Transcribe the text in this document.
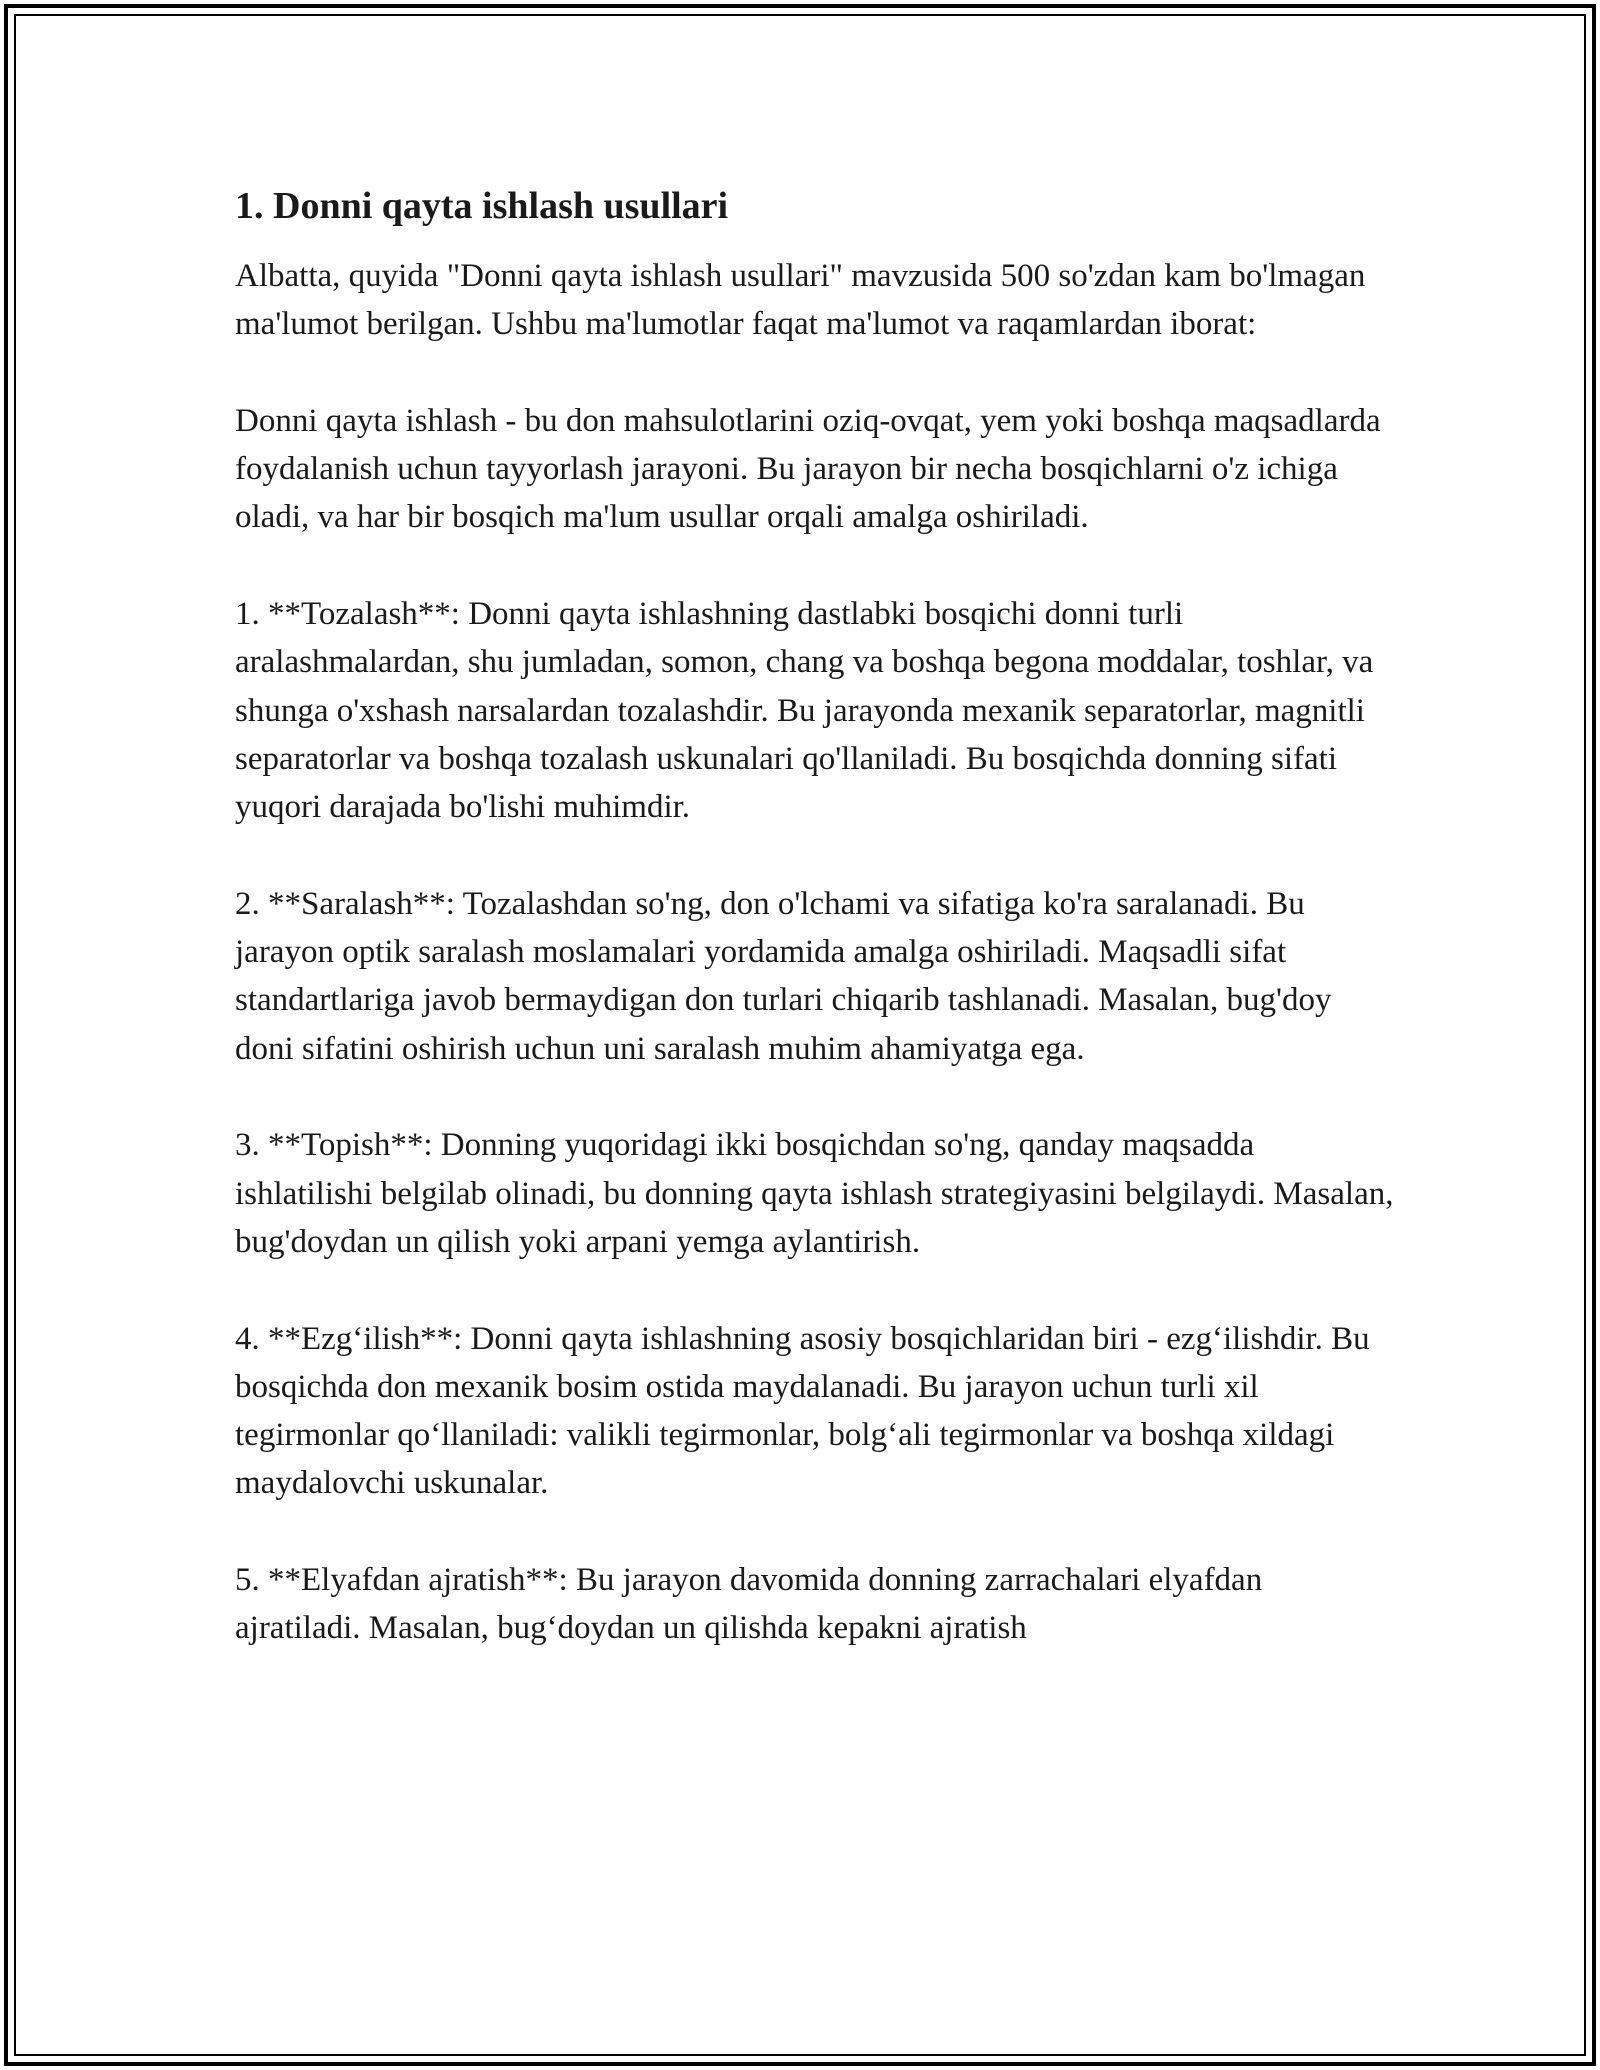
1. Donni qayta ishlash usullari

Albatta, quyida "Donni qayta ishlash usullari" mavzusida 500 so'zdan kam bo'lmagan ma'lumot berilgan. Ushbu ma'lumotlar faqat ma'lumot va raqamlardan iborat:

Donni qayta ishlash - bu don mahsulotlarini oziq-ovqat, yem yoki boshqa maqsadlarda foydalanish uchun tayyorlash jarayoni. Bu jarayon bir necha bosqichlarni o'z ichiga oladi, va har bir bosqich ma'lum usullar orqali amalga oshiriladi.

1. **Tozalash**: Donni qayta ishlashning dastlabki bosqichi donni turli aralashmalardan, shu jumladan, somon, chang va boshqa begona moddalar, toshlar, va shunga o'xshash narsalardan tozalashdir. Bu jarayonda mexanik separatorlar, magnitli separatorlar va boshqa tozalash uskunalari qo'llaniladi. Bu bosqichda donning sifati yuqori darajada bo'lishi muhimdir.

2. **Saralash**: Tozalashdan so'ng, don o'lchami va sifatiga ko'ra saralanadi. Bu jarayon optik saralash moslamalari yordamida amalga oshiriladi. Maqsadli sifat standartlariga javob bermaydigan don turlari chiqarib tashlanadi. Masalan, bug'doy doni sifatini oshirish uchun uni saralash muhim ahamiyatga ega.

3. **Topish**: Donning yuqoridagi ikki bosqichdan so'ng, qanday maqsadda ishlatilishi belgilab olinadi, bu donning qayta ishlash strategiyasini belgilaydi. Masalan, bug'doydan un qilish yoki arpani yemga aylantirish.

4. **Ezg‘ilish**: Donni qayta ishlashning asosiy bosqichlaridan biri - ezg‘ilishdir. Bu bosqichda don mexanik bosim ostida maydalanadi. Bu jarayon uchun turli xil tegirmonlar qo‘llaniladi: valikli tegirmonlar, bolg‘ali tegirmonlar va boshqa xildagi maydalovchi uskunalar.

5. **Elyafdan ajratish**: Bu jarayon davomida donning zarrachalari elyafdan ajratiladi. Masalan, bug‘doydan un qilishda kepakni ajratish
